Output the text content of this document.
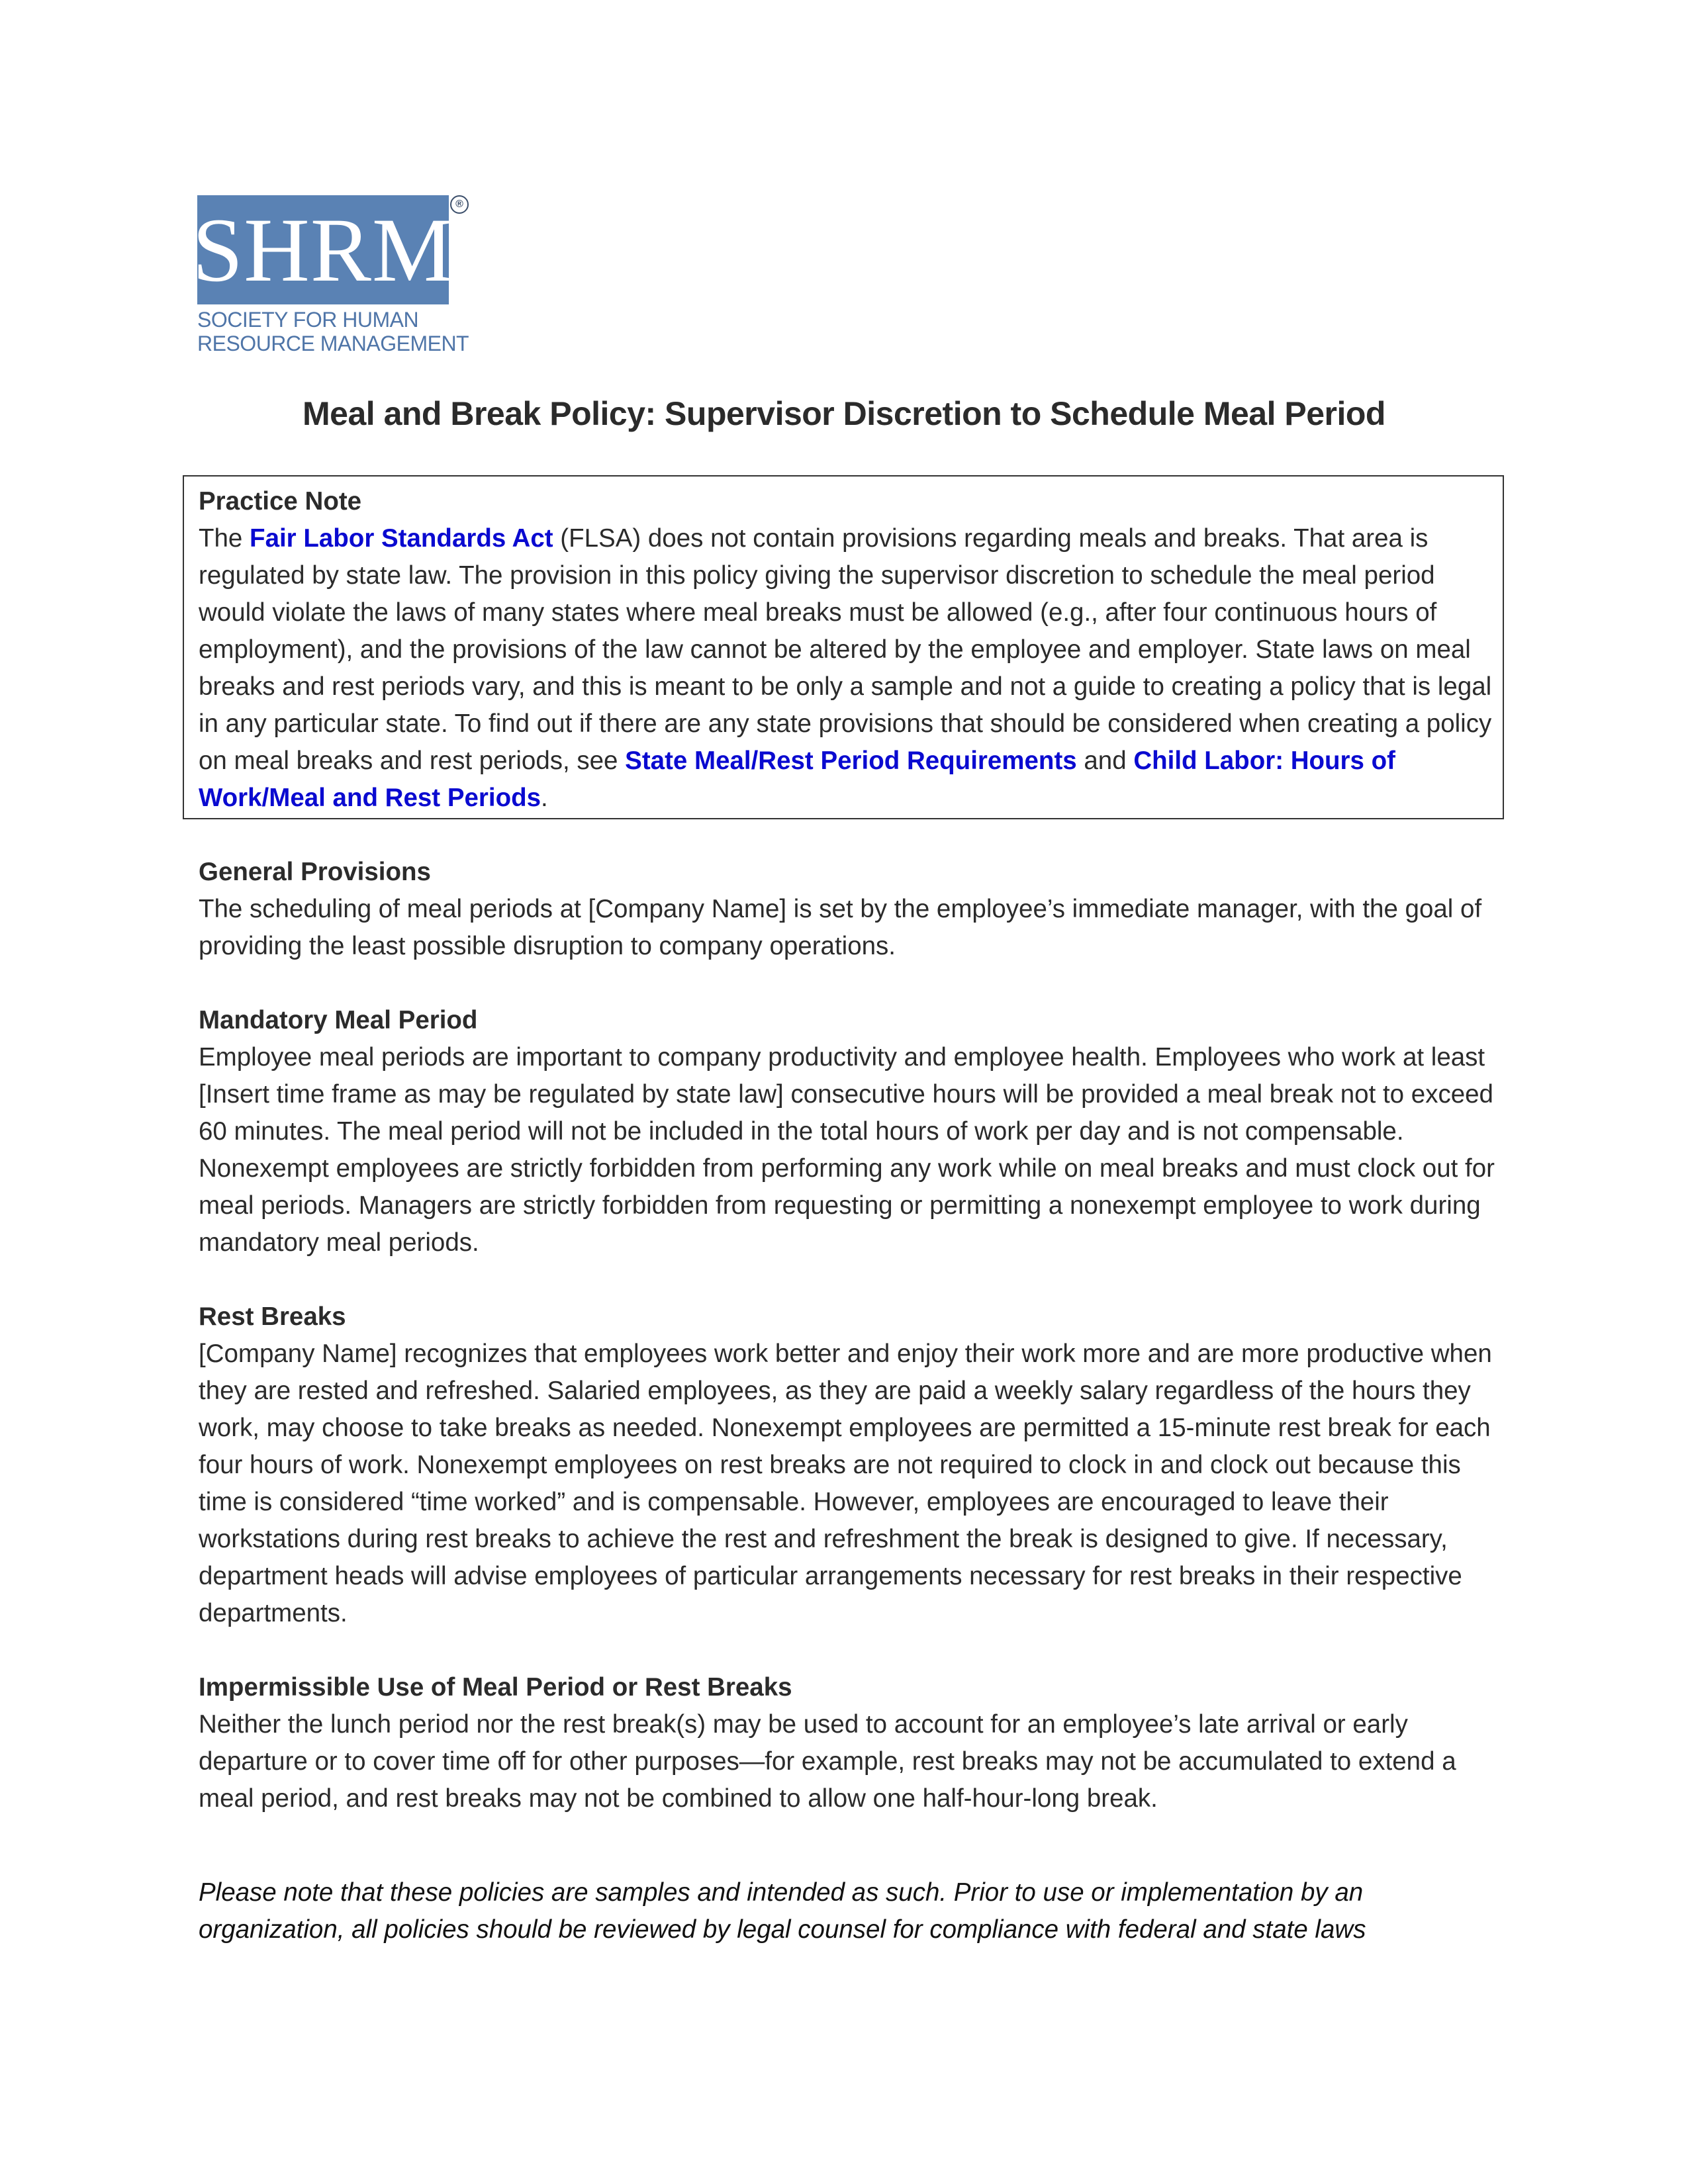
SHRM ®
SOCIETY FOR HUMAN
RESOURCE MANAGEMENT
Meal and Break Policy: Supervisor Discretion to Schedule Meal Period
Practice Note
The Fair Labor Standards Act (FLSA) does not contain provisions regarding meals and breaks. That area is regulated by state law. The provision in this policy giving the supervisor discretion to schedule the meal period would violate the laws of many states where meal breaks must be allowed (e.g., after four continuous hours of employment), and the provisions of the law cannot be altered by the employee and employer. State laws on meal breaks and rest periods vary, and this is meant to be only a sample and not a guide to creating a policy that is legal in any particular state. To find out if there are any state provisions that should be considered when creating a policy on meal breaks and rest periods, see State Meal/Rest Period Requirements and Child Labor: Hours of Work/Meal and Rest Periods.
General Provisions
The scheduling of meal periods at [Company Name] is set by the employee’s immediate manager, with the goal of providing the least possible disruption to company operations.
Mandatory Meal Period
Employee meal periods are important to company productivity and employee health. Employees who work at least [Insert time frame as may be regulated by state law] consecutive hours will be provided a meal break not to exceed 60 minutes. The meal period will not be included in the total hours of work per day and is not compensable. Nonexempt employees are strictly forbidden from performing any work while on meal breaks and must clock out for meal periods. Managers are strictly forbidden from requesting or permitting a nonexempt employee to work during mandatory meal periods.
Rest Breaks
[Company Name] recognizes that employees work better and enjoy their work more and are more productive when they are rested and refreshed. Salaried employees, as they are paid a weekly salary regardless of the hours they work, may choose to take breaks as needed. Nonexempt employees are permitted a 15-minute rest break for each four hours of work. Nonexempt employees on rest breaks are not required to clock in and clock out because this time is considered “time worked” and is compensable. However, employees are encouraged to leave their workstations during rest breaks to achieve the rest and refreshment the break is designed to give. If necessary, department heads will advise employees of particular arrangements necessary for rest breaks in their respective departments.
Impermissible Use of Meal Period or Rest Breaks
Neither the lunch period nor the rest break(s) may be used to account for an employee’s late arrival or early departure or to cover time off for other purposes—for example, rest breaks may not be accumulated to extend a meal period, and rest breaks may not be combined to allow one half-hour-long break.
Please note that these policies are samples and intended as such. Prior to use or implementation by an organization, all policies should be reviewed by legal counsel for compliance with federal and state laws
